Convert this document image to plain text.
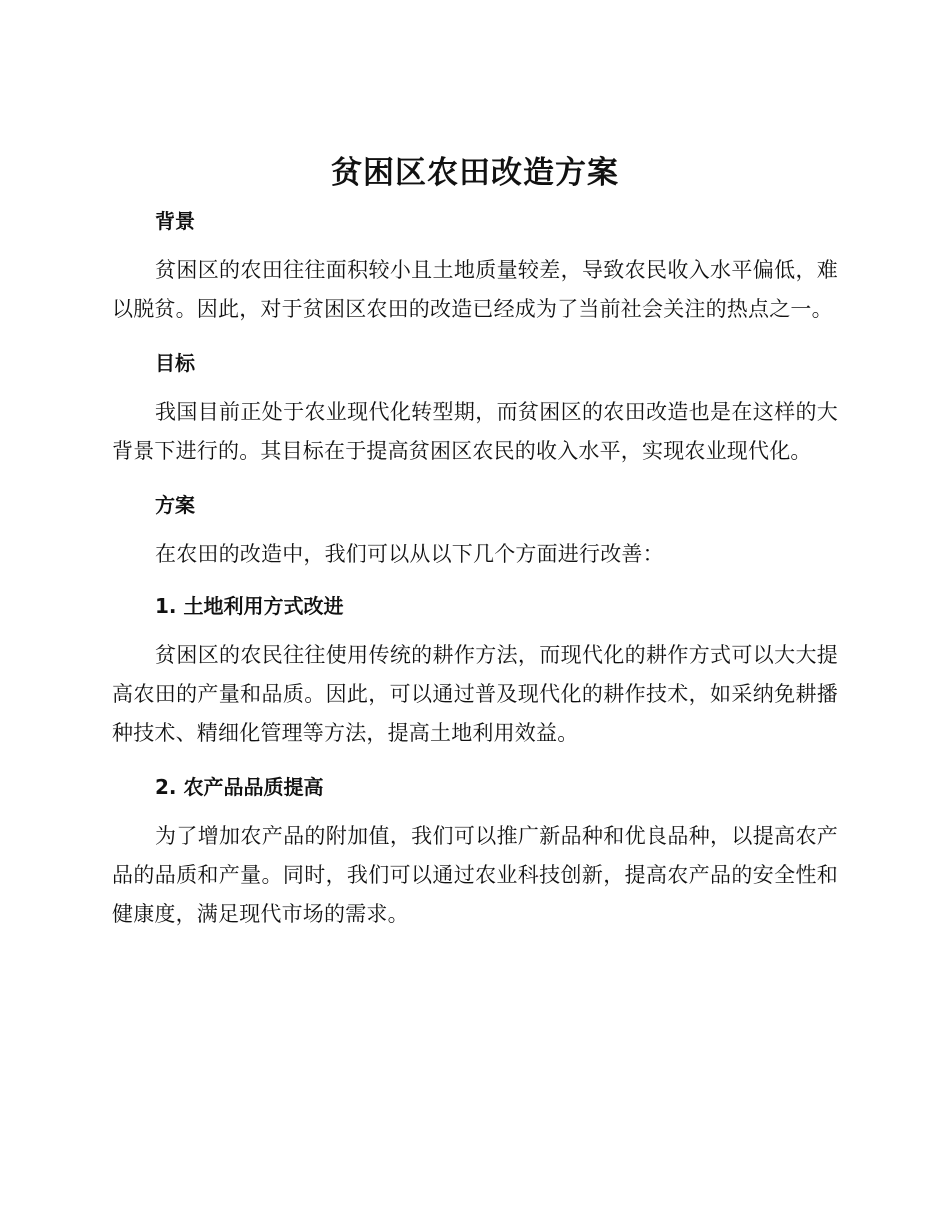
贫困区农田改造方案
背景

贫困区的农田往往面积较小且土地质量较差，导致农民收入水平偏低，难以脱贫。因此，对于贫困区农田的改造已经成为了当前社会关注的热点之一。

目标

我国目前正处于农业现代化转型期，而贫困区的农田改造也是在这样的大背景下进行的。其目标在于提高贫困区农民的收入水平，实现农业现代化。

方案

在农田的改造中，我们可以从以下几个方面进行改善：

1. 土地利用方式改进

贫困区的农民往往使用传统的耕作方法，而现代化的耕作方式可以大大提高农田的产量和品质。因此，可以通过普及现代化的耕作技术，如采纳免耕播种技术、精细化管理等方法，提高土地利用效益。

2. 农产品品质提高

为了增加农产品的附加值，我们可以推广新品种和优良品种，以提高农产品的品质和产量。同时，我们可以通过农业科技创新，提高农产品的安全性和健康度，满足现代市场的需求。
